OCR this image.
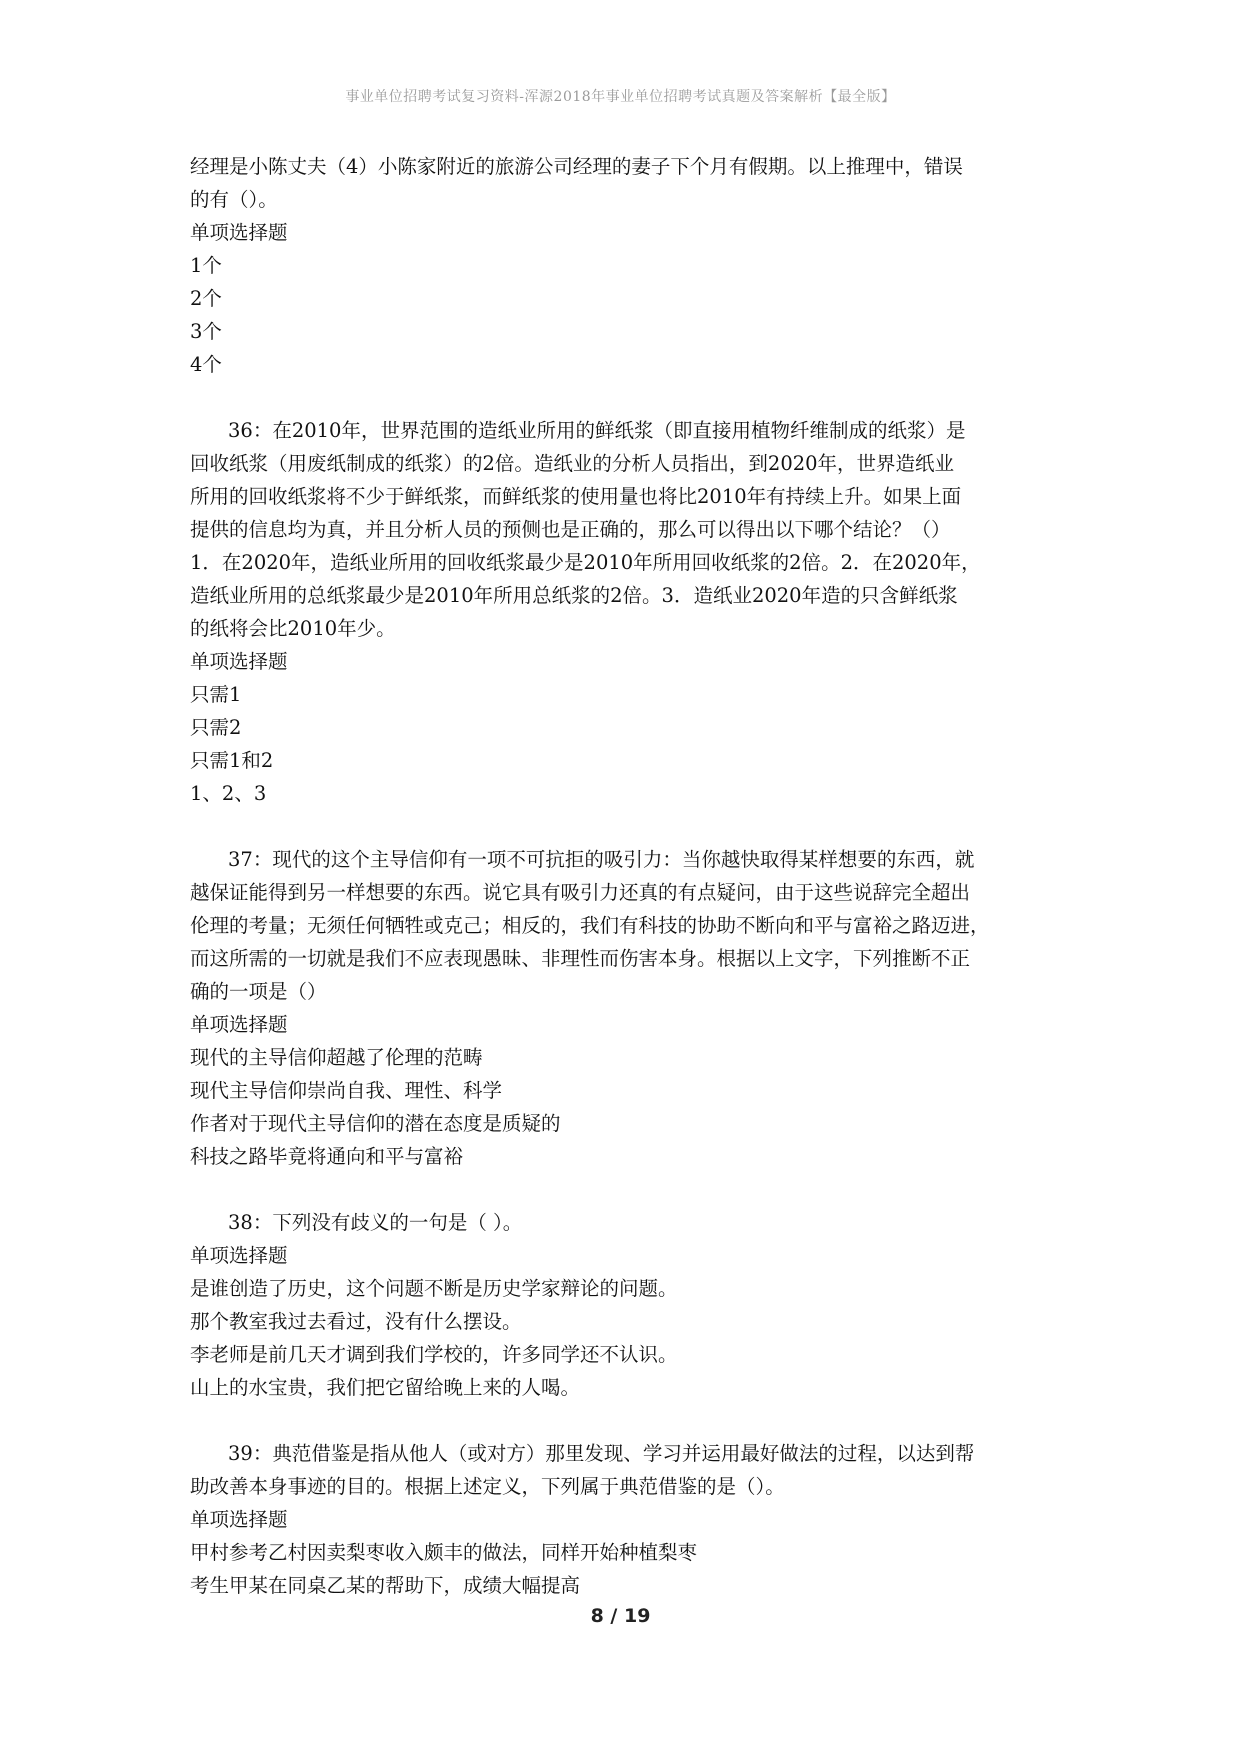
事业单位招聘考试复习资料-浑源2018年事业单位招聘考试真题及答案解析【最全版】
经理是小陈丈夫（4）小陈家附近的旅游公司经理的妻子下个月有假期。以上推理中，错误
的有（）。
单项选择题
1个
2个
3个
4个
36：在2010年，世界范围的造纸业所用的鲜纸浆（即直接用植物纤维制成的纸浆）是
回收纸浆（用废纸制成的纸浆）的2倍。造纸业的分析人员指出，到2020年，世界造纸业
所用的回收纸浆将不少于鲜纸浆，而鲜纸浆的使用量也将比2010年有持续上升。如果上面
提供的信息均为真，并且分析人员的预侧也是正确的，那么可以得出以下哪个结论？（）
1．在2020年，造纸业所用的回收纸浆最少是2010年所用回收纸浆的2倍。2．在2020年，
造纸业所用的总纸浆最少是2010年所用总纸浆的2倍。3．造纸业2020年造的只含鲜纸浆
的纸将会比2010年少。
单项选择题
只需1
只需2
只需1和2
1、2、3
37：现代的这个主导信仰有一项不可抗拒的吸引力：当你越快取得某样想要的东西，就
越保证能得到另一样想要的东西。说它具有吸引力还真的有点疑问，由于这些说辞完全超出
伦理的考量；无须任何牺牲或克己；相反的，我们有科技的协助不断向和平与富裕之路迈进，
而这所需的一切就是我们不应表现愚昧、非理性而伤害本身。根据以上文字，下列推断不正
确的一项是（）
单项选择题
现代的主导信仰超越了伦理的范畴
现代主导信仰崇尚自我、理性、科学
作者对于现代主导信仰的潜在态度是质疑的
科技之路毕竟将通向和平与富裕
38：下列没有歧义的一句是（ ）。
单项选择题
是谁创造了历史，这个问题不断是历史学家辩论的问题。
那个教室我过去看过，没有什么摆设。
李老师是前几天才调到我们学校的，许多同学还不认识。
山上的水宝贵，我们把它留给晚上来的人喝。
39：典范借鉴是指从他人（或对方）那里发现、学习并运用最好做法的过程，以达到帮
助改善本身事迹的目的。根据上述定义，下列属于典范借鉴的是（）。
单项选择题
甲村参考乙村因卖梨枣收入颇丰的做法，同样开始种植梨枣
考生甲某在同桌乙某的帮助下，成绩大幅提高
8 / 19
